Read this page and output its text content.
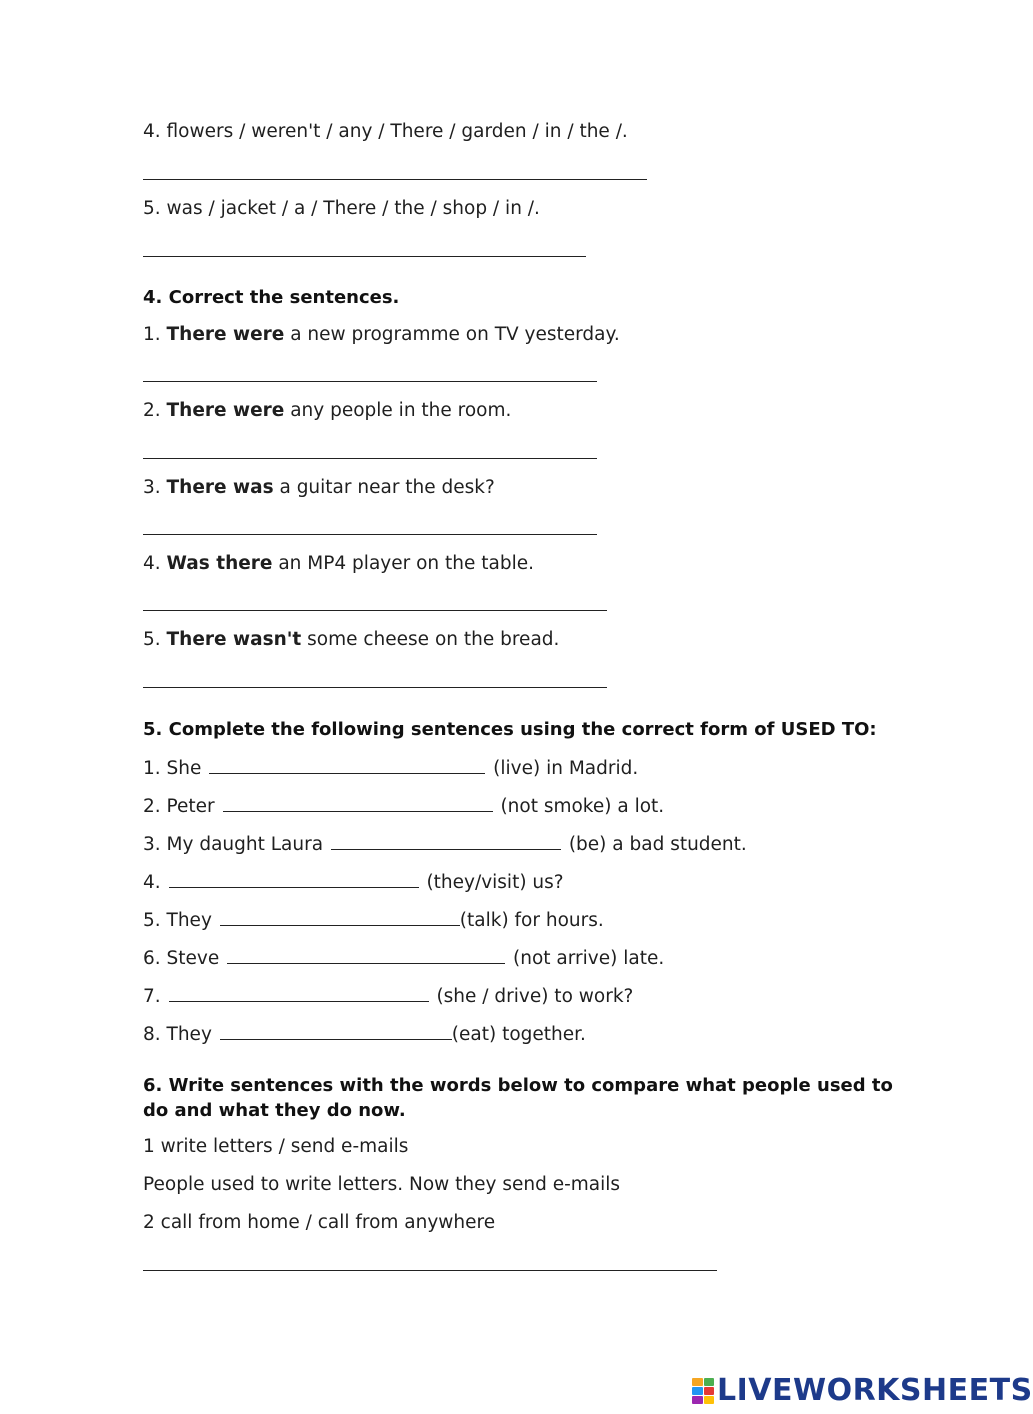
4. flowers / weren't / any / There / garden / in / the /.
5. was / jacket / a / There / the / shop / in /.
4. Correct the sentences.
1. There were a new programme on TV yesterday.
2. There were any people in the room.
3. There was a guitar near the desk?
4. Was there an MP4 player on the table.
5. There wasn't some cheese on the bread.
5. Complete the following sentences using the correct form of USED TO:
1. She	(live) in Madrid.
2. Peter	(not smoke) a lot.
3. My daught Laura	(be) a bad student.
4.	(they/visit) us?
5. They	(talk) for hours.
6. Steve	(not arrive) late.
7.	(she / drive) to work?
8. They	(eat) together.
6. Write sentences with the words below to compare what people used to
do and what they do now.
1 write letters / send e-mails
People used to write letters. Now they send e-mails
2 call from home / call from anywhere
LIVEWORKSHEETS
